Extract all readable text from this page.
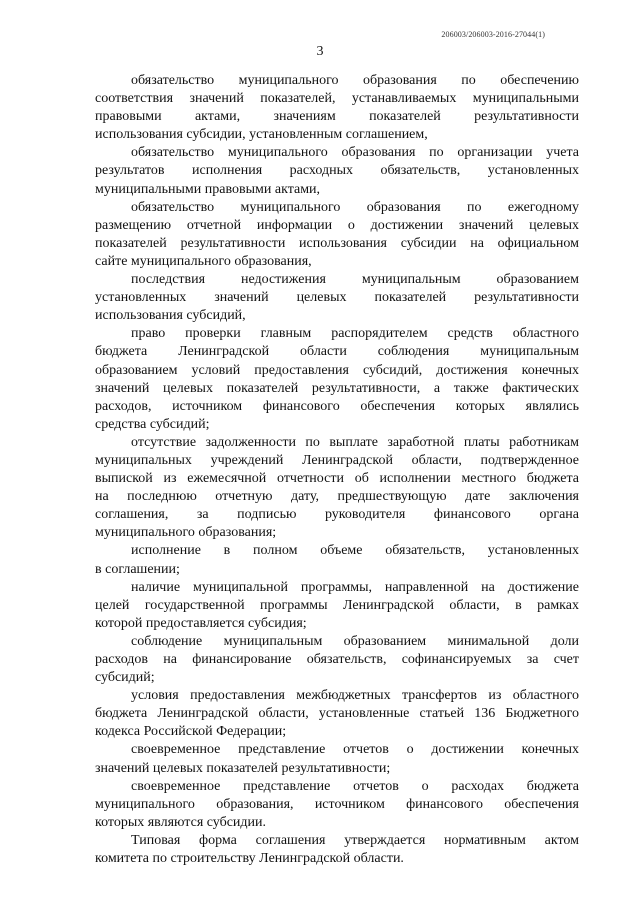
206003/206003-2016-27044(1)
3
обязательство муниципального образования по обеспечению
соответствия значений показателей, устанавливаемых муниципальными
правовыми актами, значениям показателей результативности
использования субсидии, установленным соглашением,
обязательство муниципального образования по организации учета
результатов исполнения расходных обязательств, установленных
муниципальными правовыми актами,
обязательство муниципального образования по ежегодному
размещению отчетной информации о достижении значений целевых
показателей результативности использования субсидии на официальном
сайте муниципального образования,
последствия недостижения муниципальным образованием
установленных значений целевых показателей результативности
использования субсидий,
право проверки главным распорядителем средств областного
бюджета Ленинградской области соблюдения муниципальным
образованием условий предоставления субсидий, достижения конечных
значений целевых показателей результативности, а также фактических
расходов, источником финансового обеспечения которых являлись
средства субсидий;
отсутствие задолженности по выплате заработной платы работникам
муниципальных учреждений Ленинградской области, подтвержденное
выпиской из ежемесячной отчетности об исполнении местного бюджета
на последнюю отчетную дату, предшествующую дате заключения
соглашения, за подписью руководителя финансового органа
муниципального образования;
исполнение в полном объеме обязательств, установленных
в соглашении;
наличие муниципальной программы, направленной на достижение
целей государственной программы Ленинградской области, в рамках
которой предоставляется субсидия;
соблюдение муниципальным образованием минимальной доли
расходов на финансирование обязательств, софинансируемых за счет
субсидий;
условия предоставления межбюджетных трансфертов из областного
бюджета Ленинградской области, установленные статьей 136 Бюджетного
кодекса Российской Федерации;
своевременное представление отчетов о достижении конечных
значений целевых показателей результативности;
своевременное представление отчетов о расходах бюджета
муниципального образования, источником финансового обеспечения
которых являются субсидии.
Типовая форма соглашения утверждается нормативным актом
комитета по строительству Ленинградской области.
